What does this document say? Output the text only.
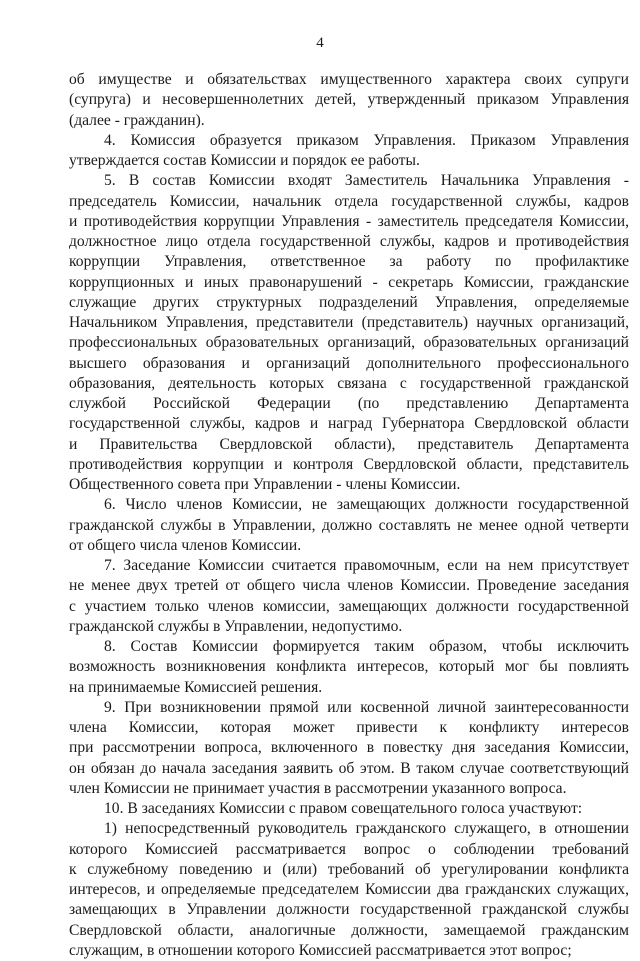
4
об имуществе и обязательствах имущественного характера своих супруги
(супруга) и несовершеннолетних детей, утвержденный приказом Управления
(далее - гражданин).
4. Комиссия образуется приказом Управления. Приказом Управления
утверждается состав Комиссии и порядок ее работы.
5. В состав Комиссии входят Заместитель Начальника Управления -
председатель Комиссии, начальник отдела государственной службы, кадров
и противодействия коррупции Управления - заместитель председателя Комиссии,
должностное лицо отдела государственной службы, кадров и противодействия
коррупции Управления, ответственное за работу по профилактике
коррупционных и иных правонарушений - секретарь Комиссии, гражданские
служащие других структурных подразделений Управления, определяемые
Начальником Управления, представители (представитель) научных организаций,
профессиональных образовательных организаций, образовательных организаций
высшего образования и организаций дополнительного профессионального
образования, деятельность которых связана с государственной гражданской
службой Российской Федерации (по представлению Департамента
государственной службы, кадров и наград Губернатора Свердловской области
и Правительства Свердловской области), представитель Департамента
противодействия коррупции и контроля Свердловской области, представитель
Общественного совета при Управлении - члены Комиссии.
6. Число членов Комиссии, не замещающих должности государственной
гражданской службы в Управлении, должно составлять не менее одной четверти
от общего числа членов Комиссии.
7. Заседание Комиссии считается правомочным, если на нем присутствует
не менее двух третей от общего числа членов Комиссии. Проведение заседания
с участием только членов комиссии, замещающих должности государственной
гражданской службы в Управлении, недопустимо.
8. Состав Комиссии формируется таким образом, чтобы исключить
возможность возникновения конфликта интересов, который мог бы повлиять
на принимаемые Комиссией решения.
9. При возникновении прямой или косвенной личной заинтересованности
члена Комиссии, которая может привести к конфликту интересов
при рассмотрении вопроса, включенного в повестку дня заседания Комиссии,
он обязан до начала заседания заявить об этом. В таком случае соответствующий
член Комиссии не принимает участия в рассмотрении указанного вопроса.
10. В заседаниях Комиссии с правом совещательного голоса участвуют:
1) непосредственный руководитель гражданского служащего, в отношении
которого Комиссией рассматривается вопрос о соблюдении требований
к служебному поведению и (или) требований об урегулировании конфликта
интересов, и определяемые председателем Комиссии два гражданских служащих,
замещающих в Управлении должности государственной гражданской службы
Свердловской области, аналогичные должности, замещаемой гражданским
служащим, в отношении которого Комиссией рассматривается этот вопрос;
